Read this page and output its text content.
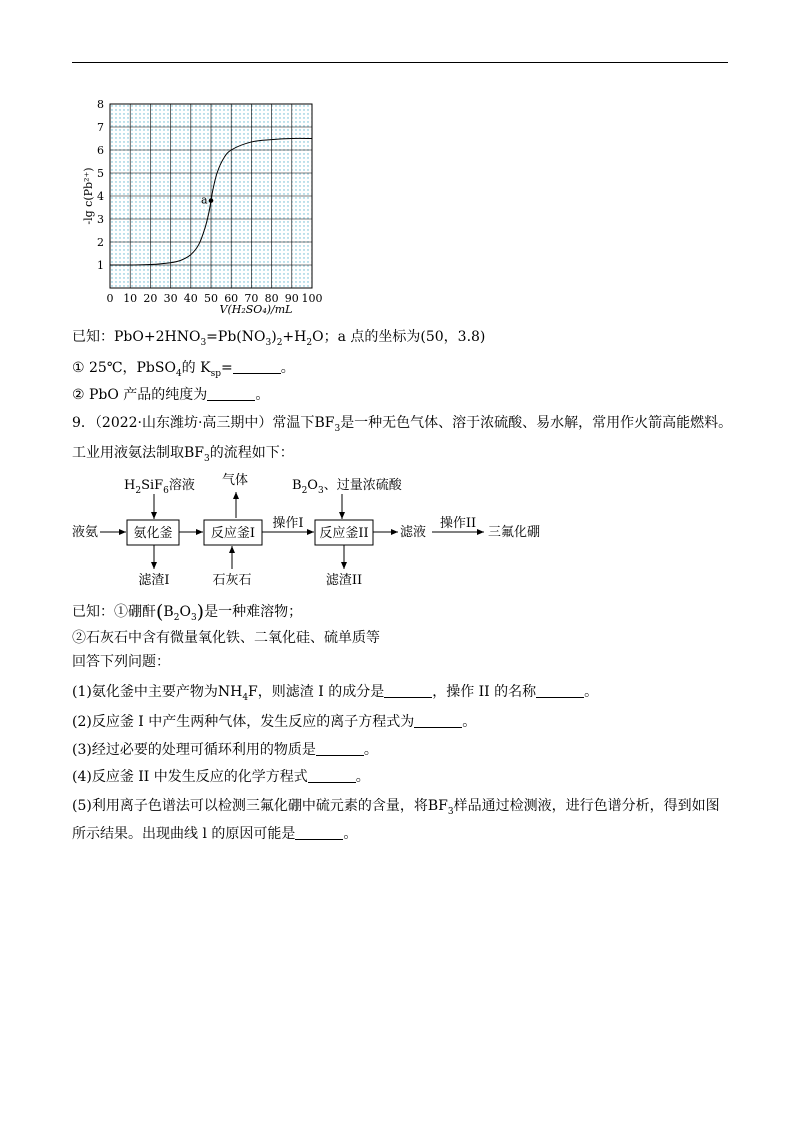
0 10 20 30 40 50 60 70 80 90 100
1
2
3
4
5
6
7
8
a
-lg c(Pb²⁺)
V(H₂SO₄)/mL
已知：$PbO+2HNO_3=Pb(NO_3)_2+H_2O$；a 点的坐标为(50，3.8)
① 25℃，PbSO$_4$的 $K_{sp}=$	。
② PbO 产品的纯度为	。
9．（2022·山东潍坊·高三期中）常温下$BF_3$是一种无色气体、溶于浓硫酸、易水解，常用作火箭高能燃料。
工业用液氨法制取$BF_3$的流程如下：
$H_2SiF_6$溶液 气体	$B_2O_3$、过量浓硫酸
液氨	氨化釜	反应釜I
操作I
反应釜II 滤液
操作II
三氟化硼
滤渣I	石灰石	滤渣II
已知：①硼酐$(B_2O_3)$是一种难溶物；
②石灰石中含有微量氧化铁、二氧化硅、硫单质等
回答下列问题：
(1)氨化釜中主要产物为$NH_4F$，则滤渣 I 的成分是	，操作 II 的名称	。
(2)反应釜 I 中产生两种气体，发生反应的离子方程式为	。
(3)经过必要的处理可循环利用的物质是	。
(4)反应釜 II 中发生反应的化学方程式	。
(5)利用离子色谱法可以检测三氟化硼中硫元素的含量，将$BF_3$样品通过检测液，进行色谱分析，得到如图
所示结果。出现曲线 l 的原因可能是	。
